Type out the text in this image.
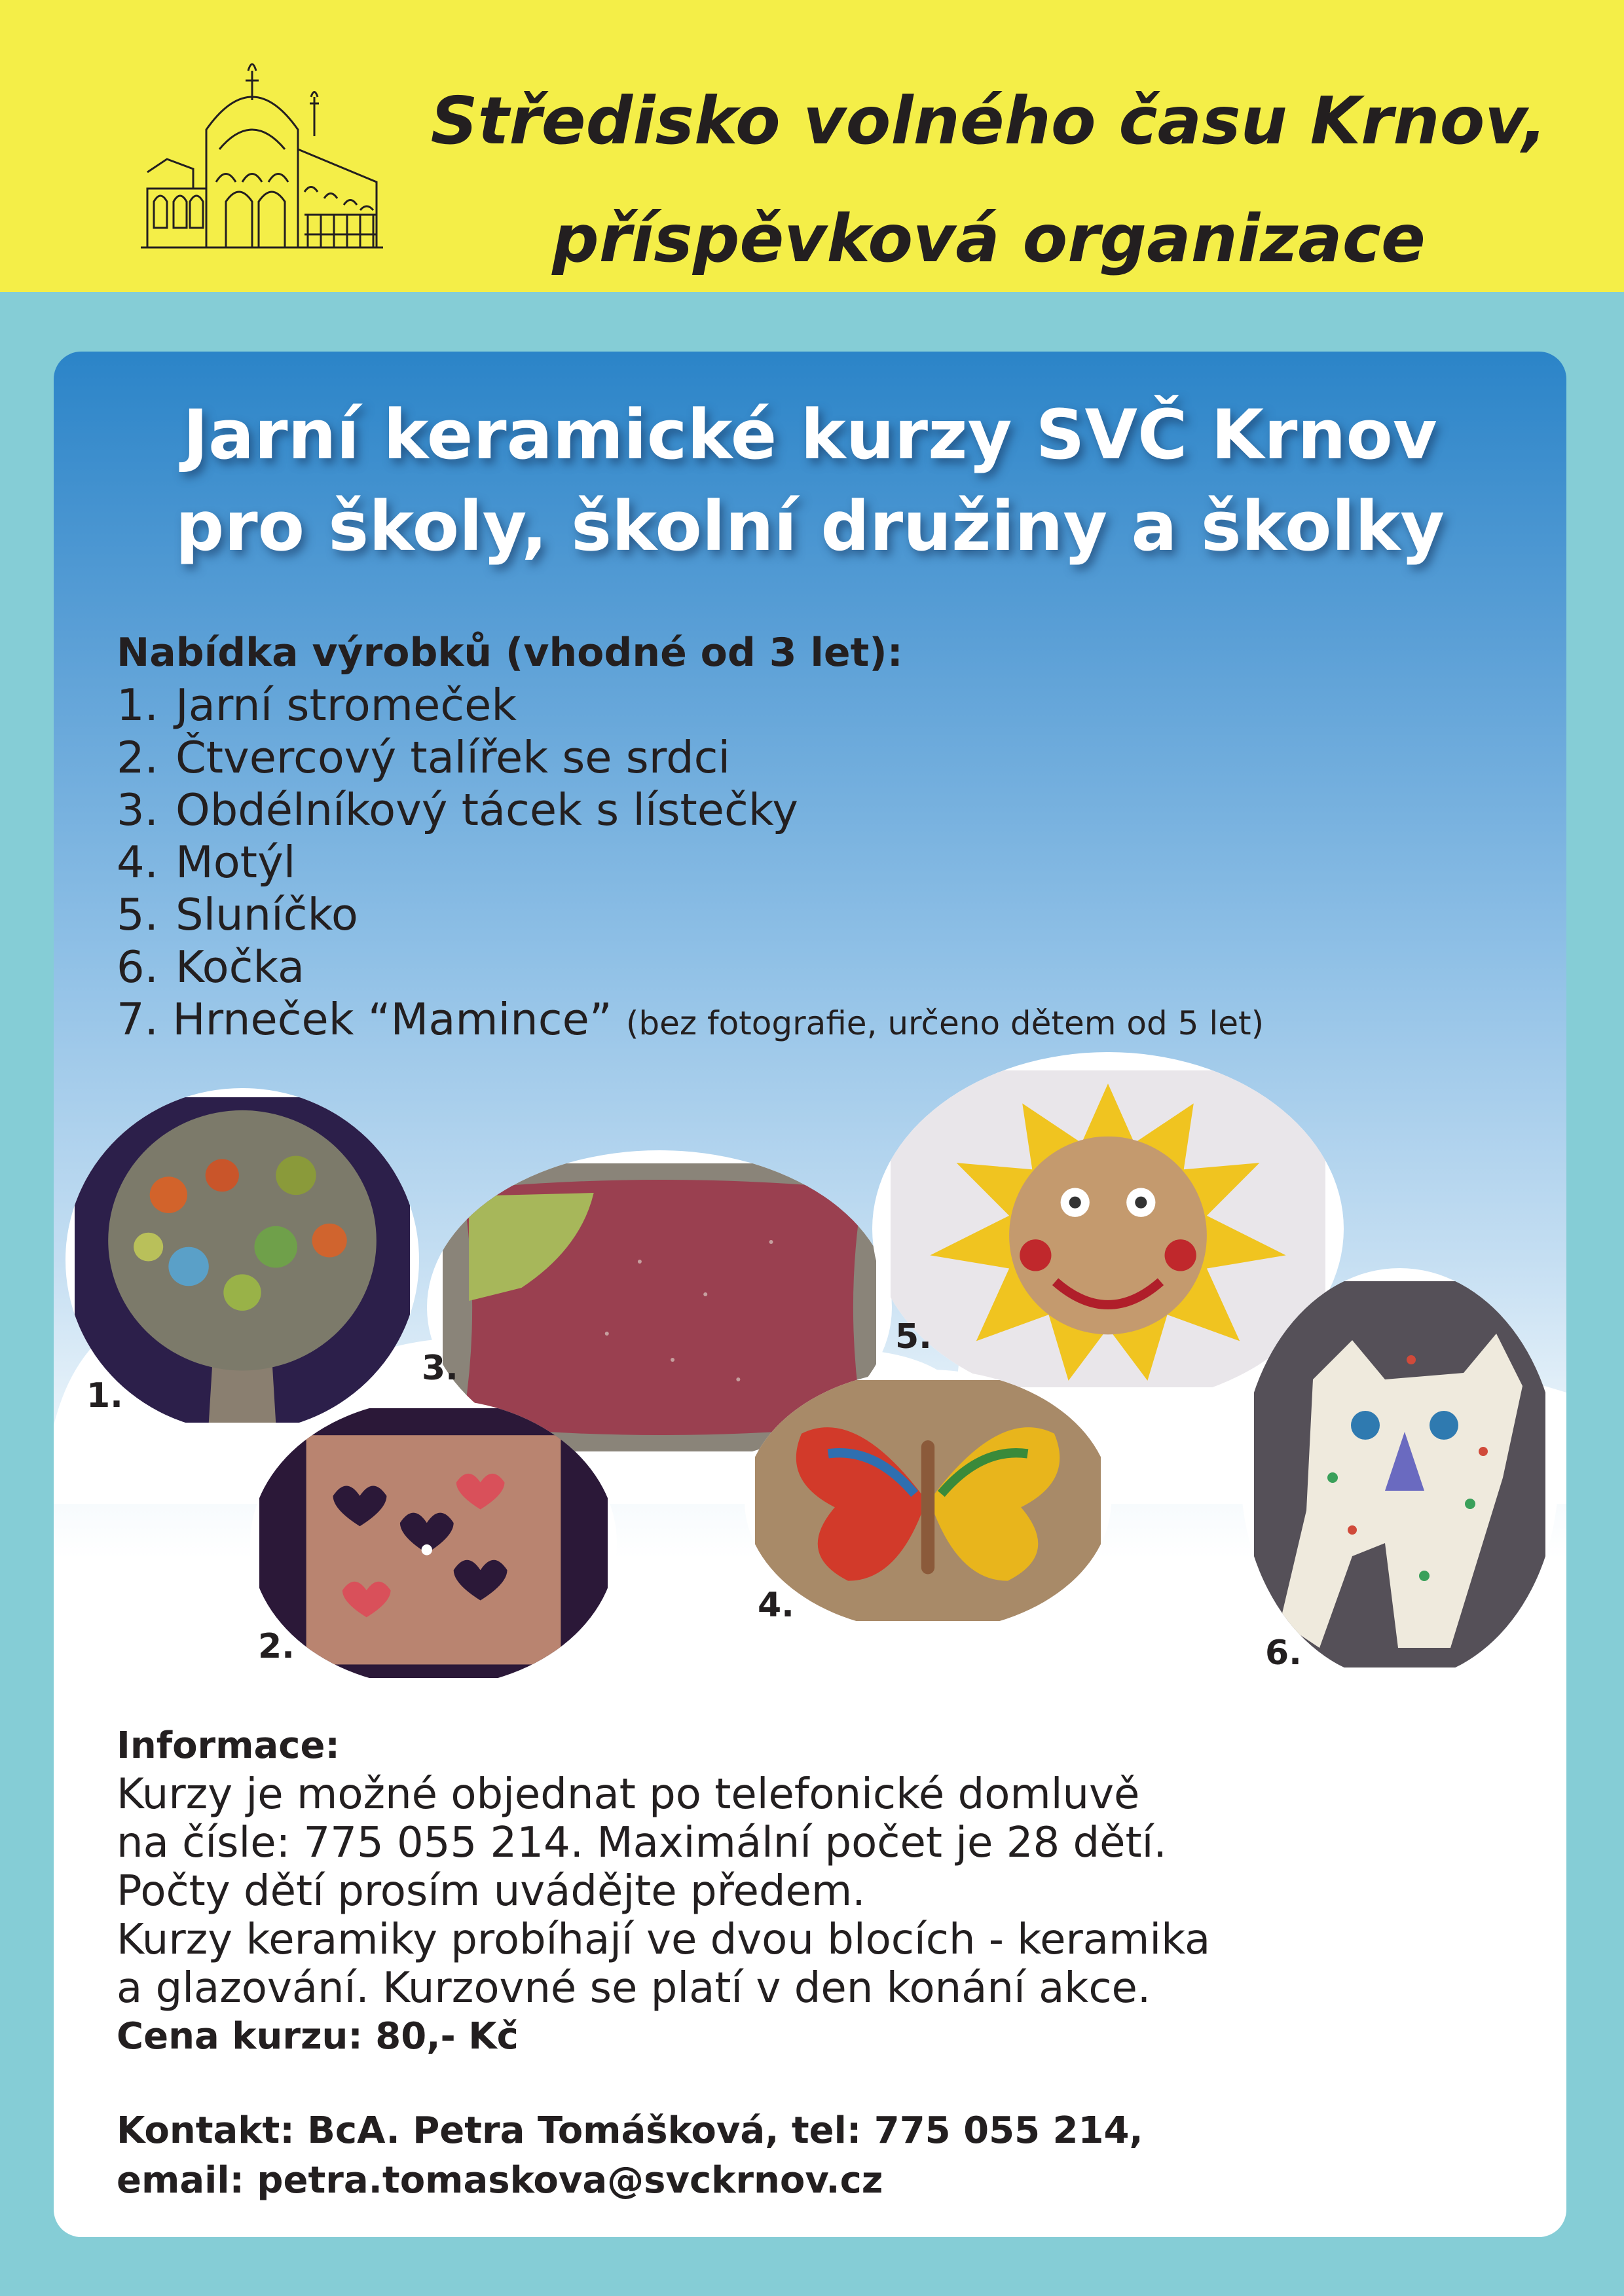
Středisko volného času Krnov,
příspěvková organizace
Jarní keramické kurzy SVČ Krnov
pro školy, školní družiny a školky
Nabídka výrobků (vhodné od 3 let):
1. Jarní stromeček
2. Čtvercový talířek se srdci
3. Obdélníkový tácek s lístečky
4. Motýl
5. Sluníčko
6. Kočka
7. Hrneček “Mamince” (bez fotografie, určeno dětem od 5 let)
1.
3.
5.
2.
4.
6.
Informace:
Kurzy je možné objednat po telefonické domluvě
na čísle: 775 055 214. Maximální počet je 28 dětí.
Počty dětí prosím uvádějte předem.
Kurzy keramiky probíhají ve dvou blocích - keramika
a glazování. Kurzovné se platí v den konání akce.
Cena kurzu: 80,- Kč
Kontakt: BcA. Petra Tomášková, tel: 775 055 214,
email: petra.tomaskova@svckrnov.cz
